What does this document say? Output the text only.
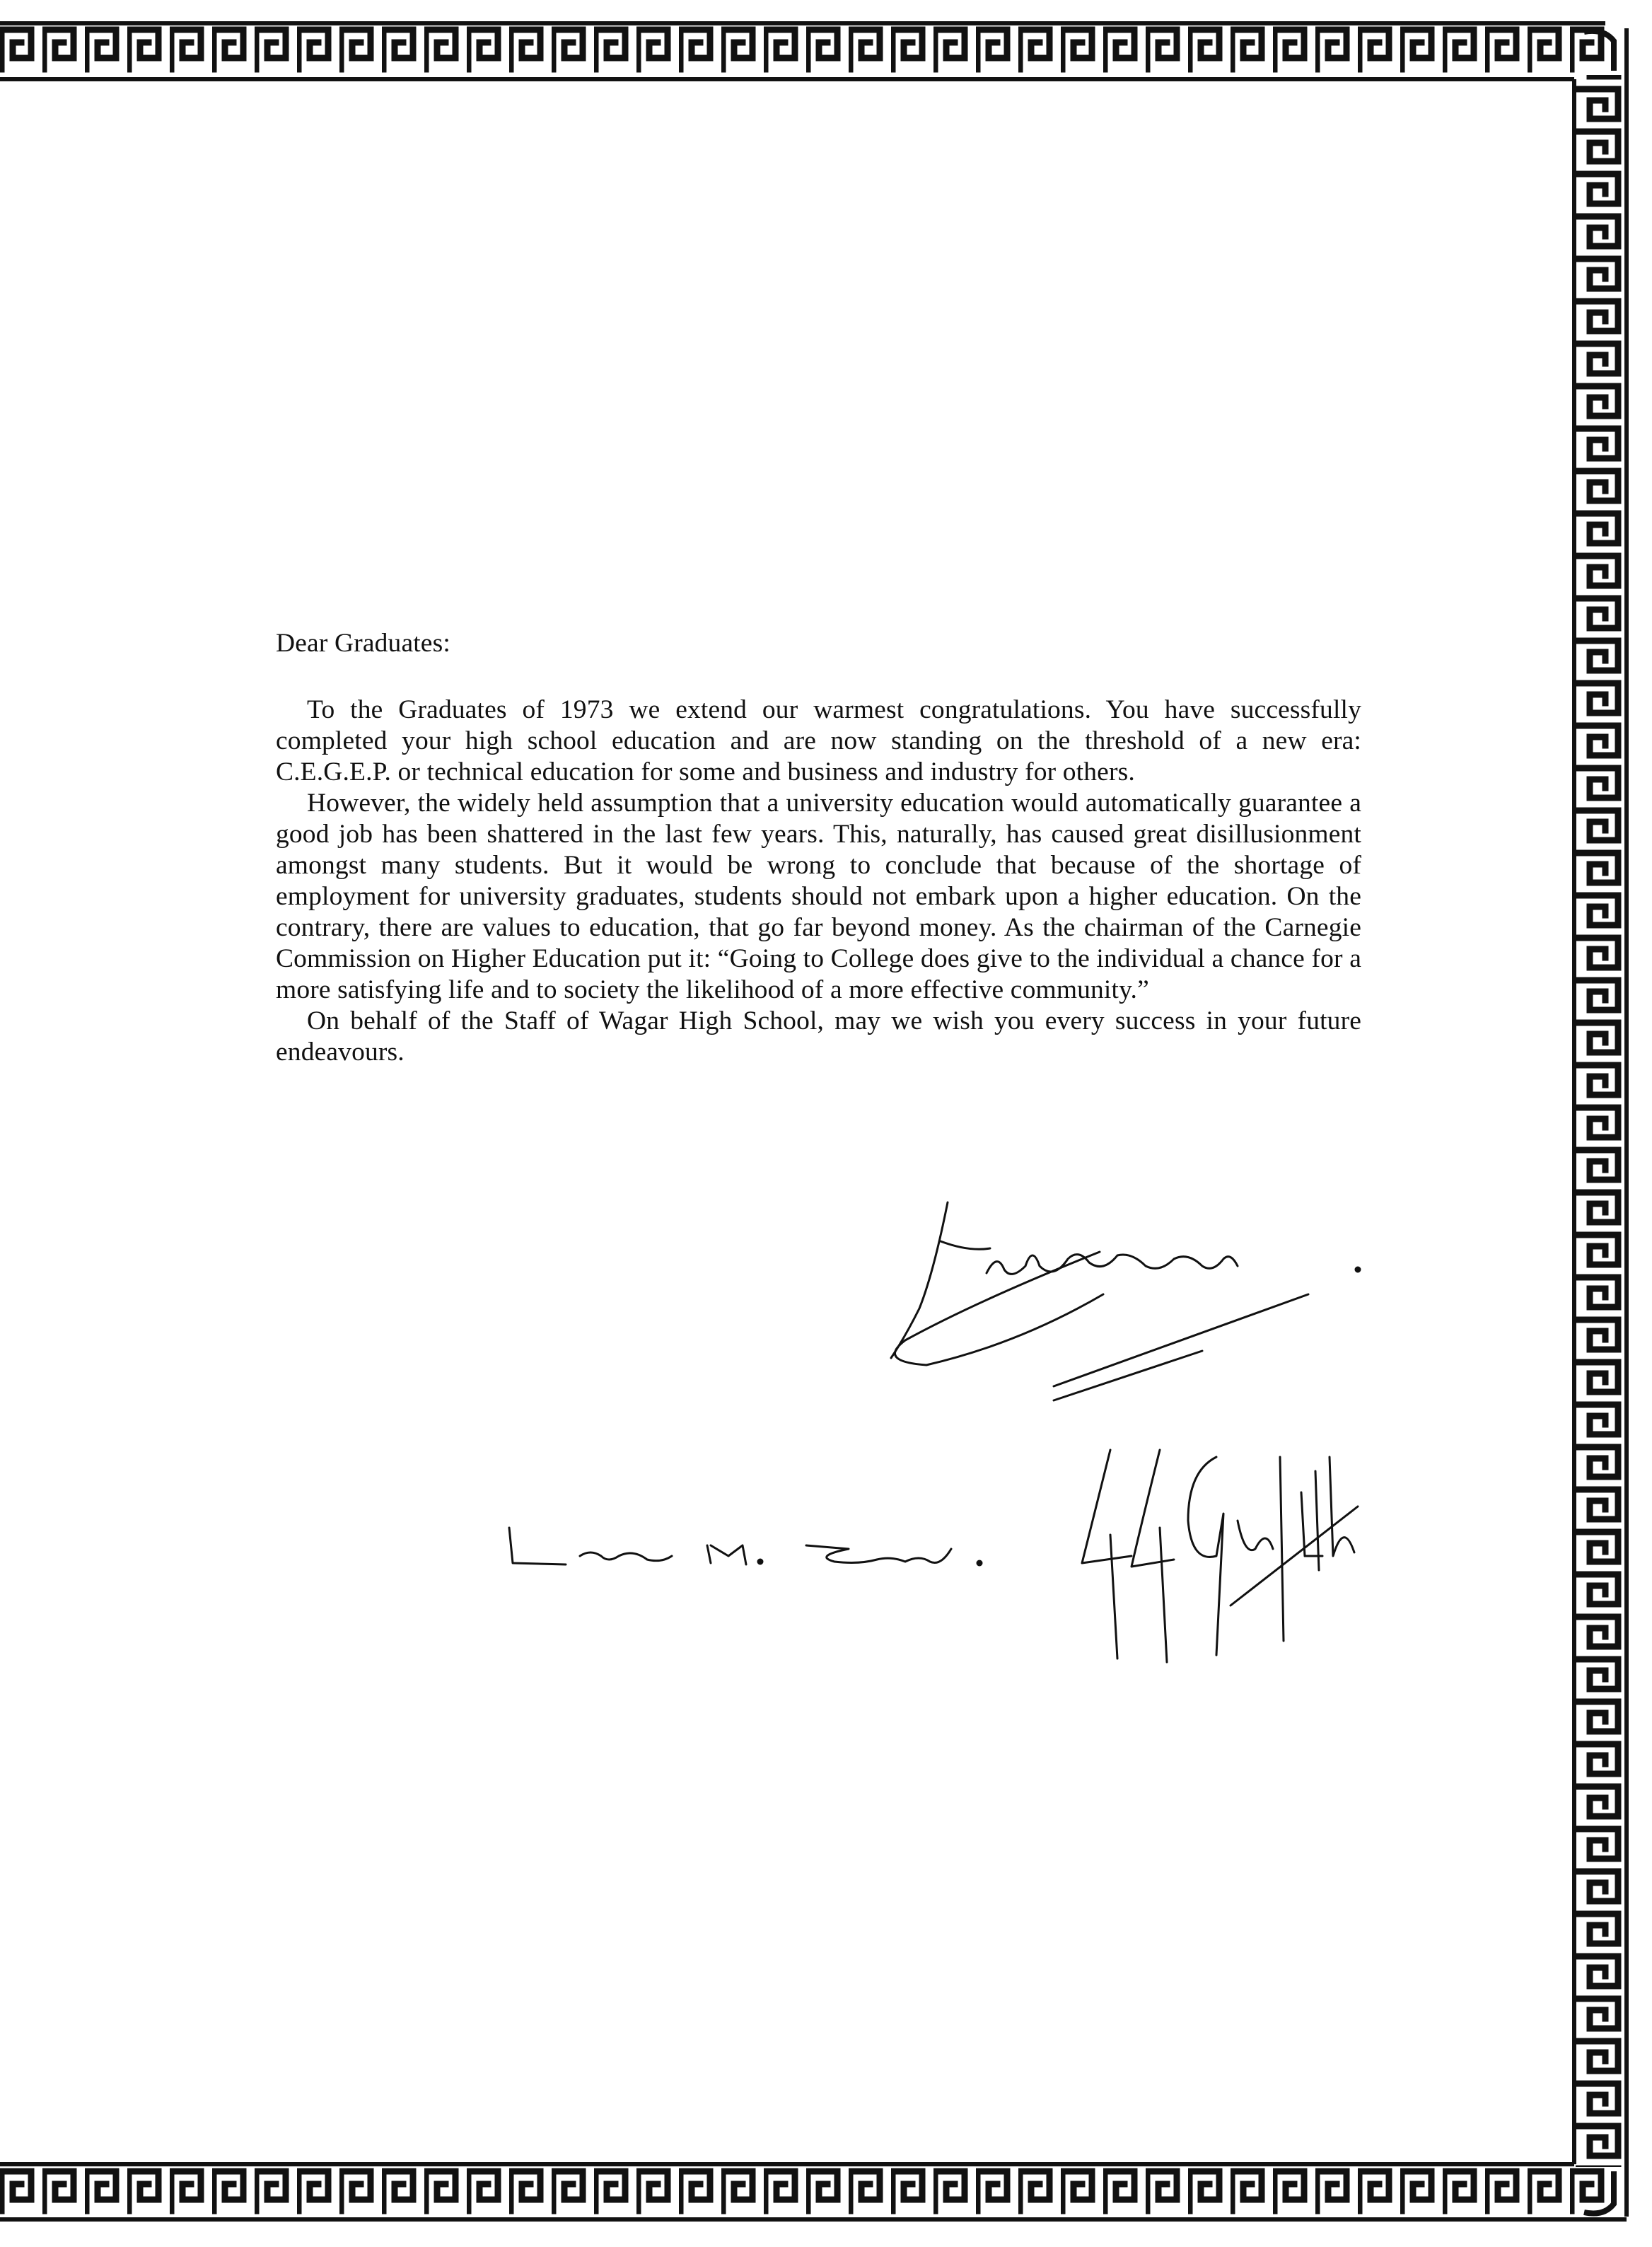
Dear Graduates:

To the Graduates of 1973 we extend our warmest congratulations. You have successfully completed your high school education and are now standing on the threshold of a new era: C.E.G.E.P. or technical education for some and business and industry for others.

However, the widely held assumption that a university education would automatically guarantee a good job has been shattered in the last few years. This, naturally, has caused great disillusionment amongst many students. But it would be wrong to conclude that because of the shortage of employment for university graduates, students should not embark upon a higher education. On the contrary, there are values to education, that go far beyond money. As the chairman of the Carnegie Commission on Higher Education put it: “Going to College does give to the individual a chance for a more satisfying life and to society the likelihood of a more effective community.”

On behalf of the Staff of Wagar High School, may we wish you every success in your future endeavours.
